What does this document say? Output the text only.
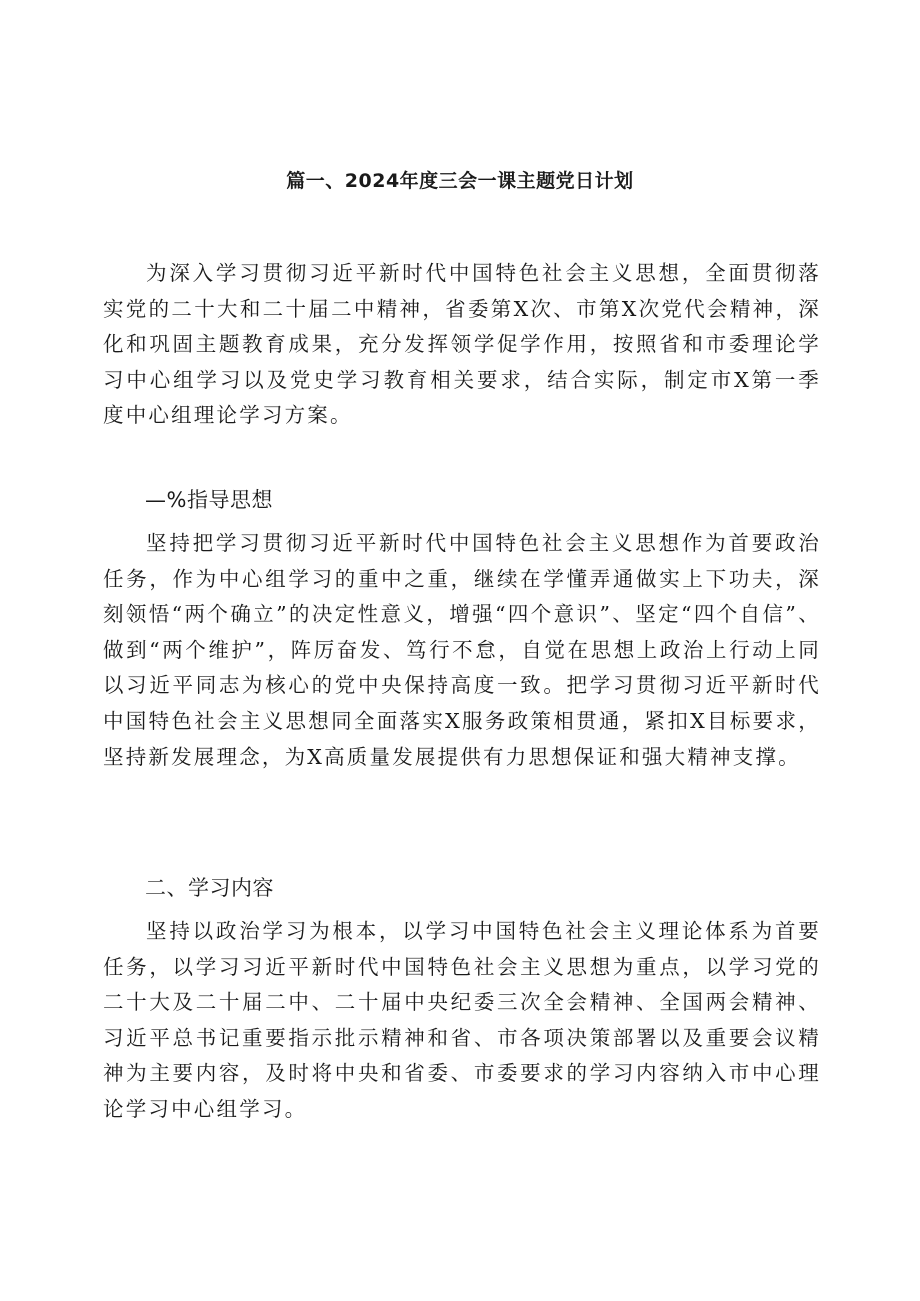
篇一、2024年度三会一课主题党日计划

为深入学习贯彻习近平新时代中国特色社会主义思想，全面贯彻落实党的二十大和二十届二中精神，省委第X次、市第X次党代会精神，深化和巩固主题教育成果，充分发挥领学促学作用，按照省和市委理论学习中心组学习以及党史学习教育相关要求，结合实际，制定市X第一季度中心组理论学习方案。

—%指导思想

坚持把学习贯彻习近平新时代中国特色社会主义思想作为首要政治任务，作为中心组学习的重中之重，继续在学懂弄通做实上下功夫，深刻领悟“两个确立”的决定性意义，增强“四个意识”、坚定“四个自信”、做到“两个维护”，阵厉奋发、笃行不怠，自觉在思想上政治上行动上同以习近平同志为核心的党中央保持高度一致。把学习贯彻习近平新时代中国特色社会主义思想同全面落实X服务政策相贯通，紧扣X目标要求，坚持新发展理念，为X高质量发展提供有力思想保证和强大精神支撑。

二、学习内容

坚持以政治学习为根本，以学习中国特色社会主义理论体系为首要任务，以学习习近平新时代中国特色社会主义思想为重点，以学习党的二十大及二十届二中、二十届中央纪委三次全会精神、全国两会精神、习近平总书记重要指示批示精神和省、市各项决策部署以及重要会议精神为主要内容，及时将中央和省委、市委要求的学习内容纳入市中心理论学习中心组学习。
